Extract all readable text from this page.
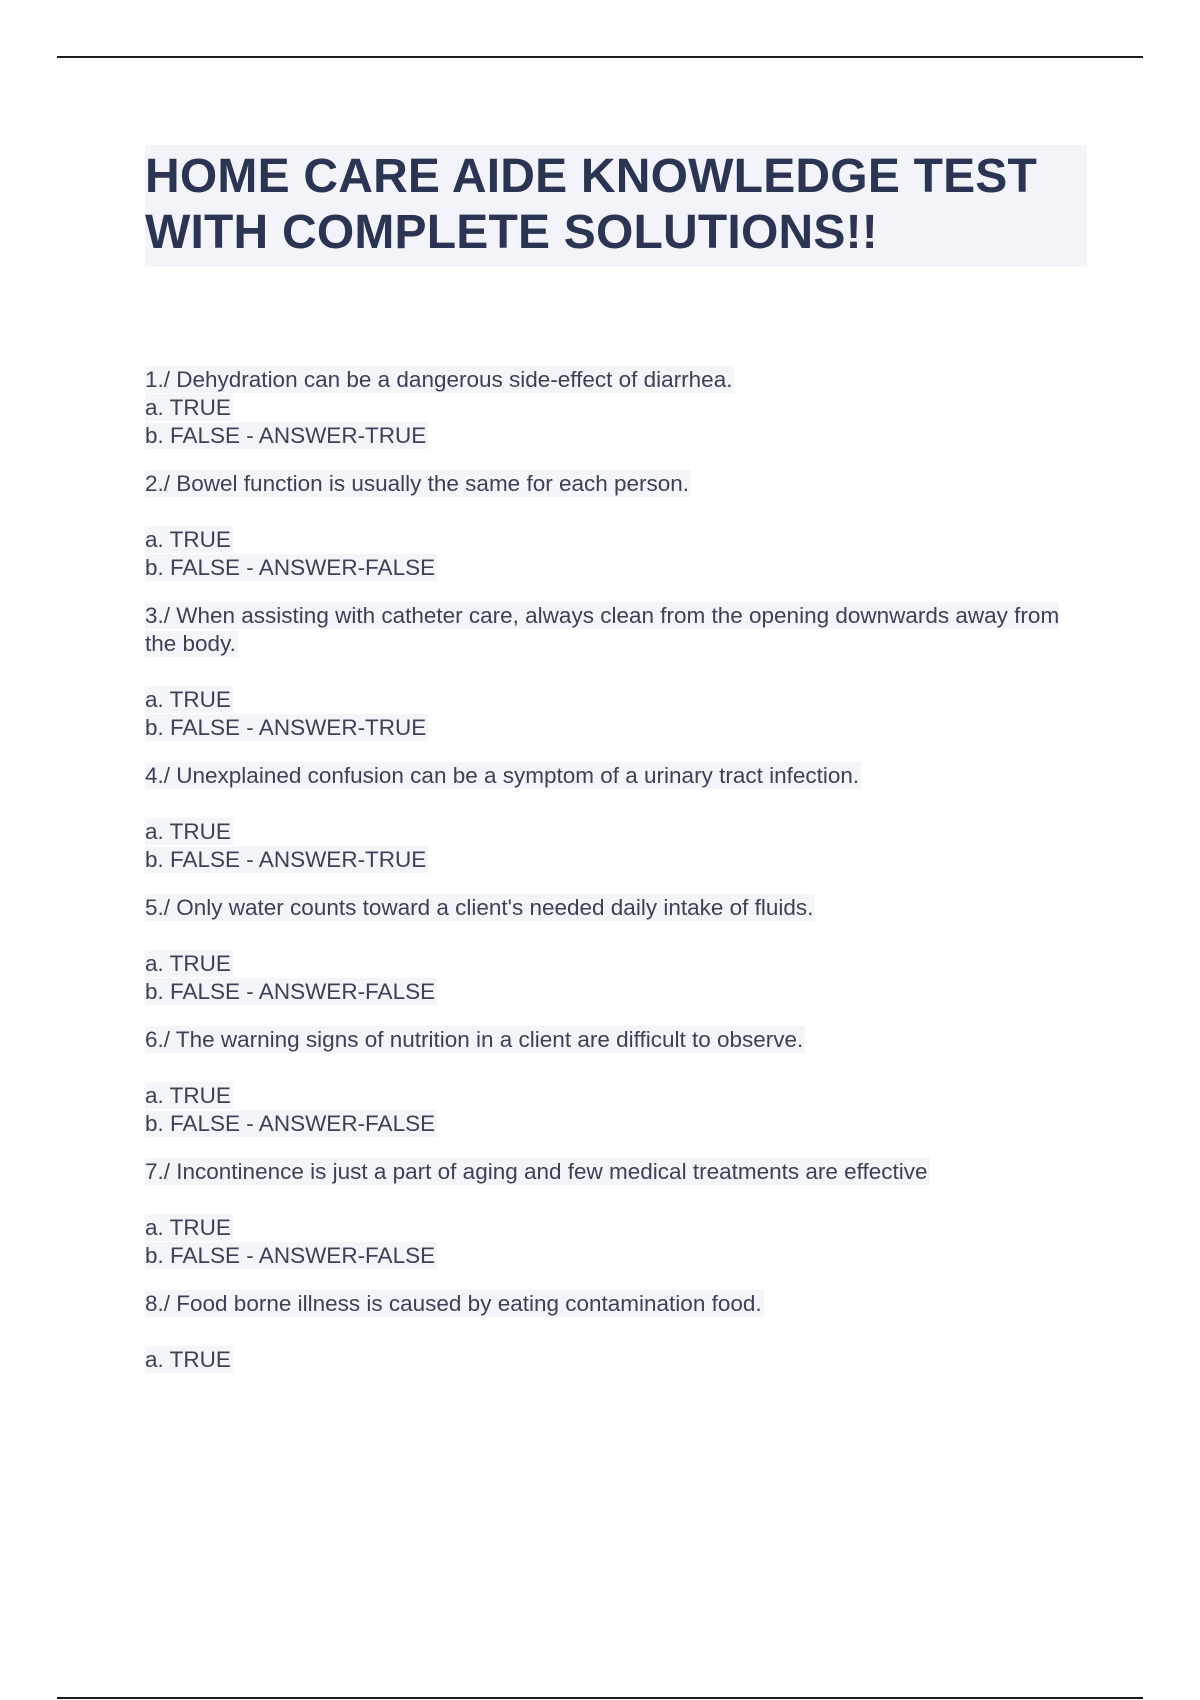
HOME CARE AIDE KNOWLEDGE TEST WITH COMPLETE SOLUTIONS!!

1./ Dehydration can be a dangerous side-effect of diarrhea.

a. TRUE

b. FALSE - ANSWER-TRUE

2./ Bowel function is usually the same for each person.

a. TRUE

b. FALSE - ANSWER-FALSE

3./ When assisting with catheter care, always clean from the opening downwards away from the body.

a. TRUE

b. FALSE - ANSWER-TRUE

4./ Unexplained confusion can be a symptom of a urinary tract infection.

a. TRUE

b. FALSE - ANSWER-TRUE

5./ Only water counts toward a client's needed daily intake of fluids.

a. TRUE

b. FALSE - ANSWER-FALSE

6./ The warning signs of nutrition in a client are difficult to observe.

a. TRUE

b. FALSE - ANSWER-FALSE

7./ Incontinence is just a part of aging and few medical treatments are effective

a. TRUE

b. FALSE - ANSWER-FALSE

8./ Food borne illness is caused by eating contamination food.

a. TRUE
